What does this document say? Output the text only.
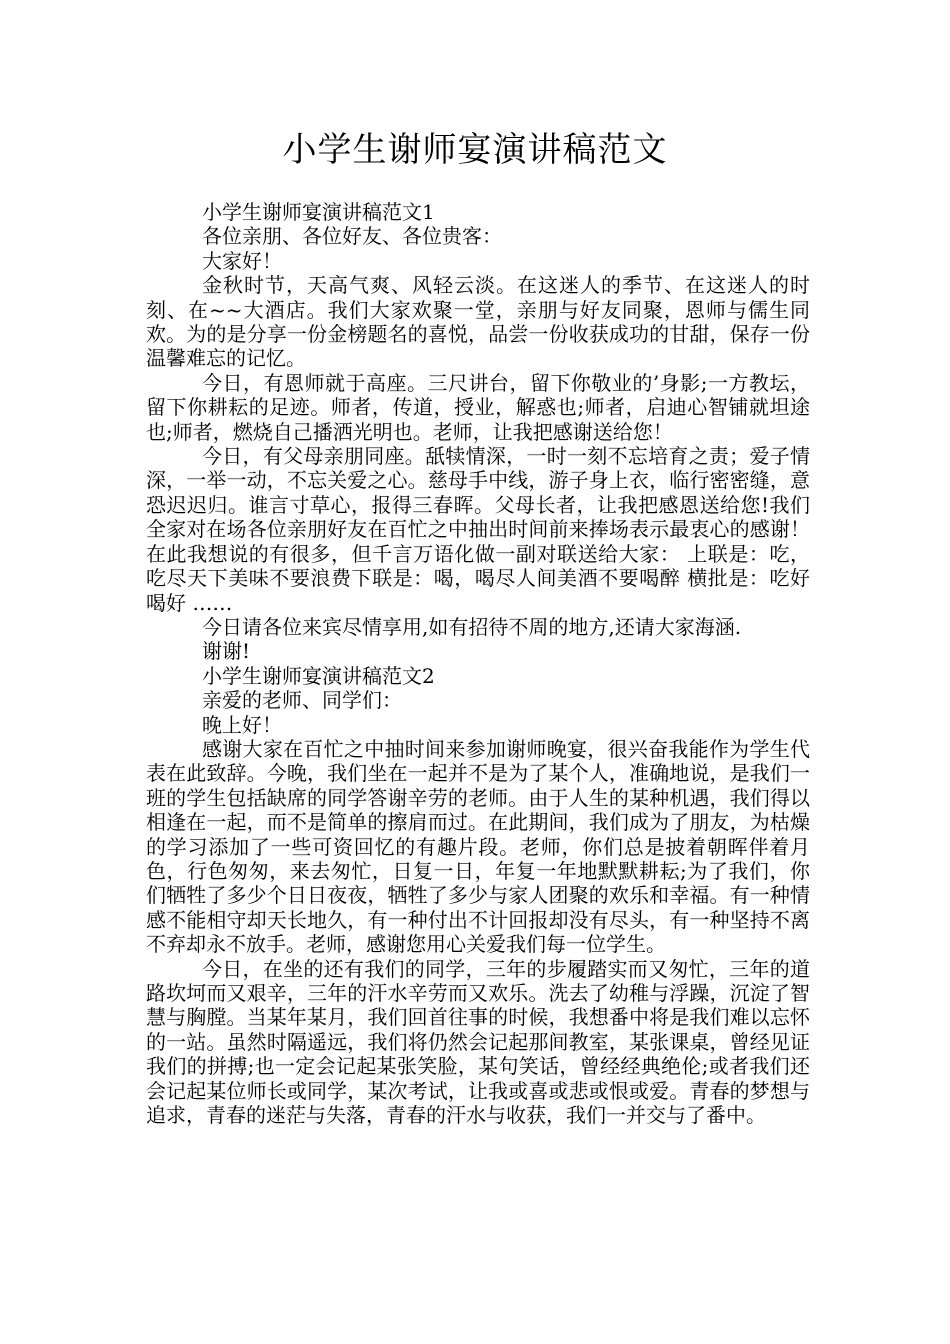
小学生谢师宴演讲稿范文

小学生谢师宴演讲稿范文1

各位亲朋、各位好友、各位贵客：

大家好！

金秋时节，天高气爽、风轻云淡。在这迷人的季节、在这迷人的时刻、在~~大酒店。我们大家欢聚一堂，亲朋与好友同聚，恩师与儒生同欢。为的是分享一份金榜题名的喜悦，品尝一份收获成功的甘甜，保存一份温馨难忘的记忆。

今日，有恩师就于高座。三尺讲台，留下你敬业的’身影;一方教坛，留下你耕耘的足迹。师者，传道，授业，解惑也;师者，启迪心智铺就坦途也;师者，燃烧自己播洒光明也。老师，让我把感谢送给您！

今日，有父母亲朋同座。舐犊情深，一时一刻不忘培育之责；爱子情深，一举一动，不忘关爱之心。慈母手中线，游子身上衣，临行密密缝，意恐迟迟归。谁言寸草心，报得三春晖。父母长者，让我把感恩送给您!我们全家对在场各位亲朋好友在百忙之中抽出时间前来捧场表示最衷心的感谢！在此我想说的有很多，但千言万语化做一副对联送给大家： 上联是：吃，吃尽天下美味不要浪费下联是：喝，喝尽人间美酒不要喝醉 横批是：吃好喝好 ……

今日请各位来宾尽情享用,如有招待不周的地方,还请大家海涵.

谢谢!

小学生谢师宴演讲稿范文2

亲爱的老师、同学们：

晚上好！

感谢大家在百忙之中抽时间来参加谢师晚宴，很兴奋我能作为学生代表在此致辞。今晚，我们坐在一起并不是为了某个人，准确地说，是我们一班的学生包括缺席的同学答谢辛劳的老师。由于人生的某种机遇，我们得以相逢在一起，而不是简单的擦肩而过。在此期间，我们成为了朋友，为枯燥的学习添加了一些可资回忆的有趣片段。老师，你们总是披着朝晖伴着月色，行色匆匆，来去匆忙，日复一日，年复一年地默默耕耘;为了我们，你们牺牲了多少个日日夜夜，牺牲了多少与家人团聚的欢乐和幸福。有一种情感不能相守却天长地久，有一种付出不计回报却没有尽头，有一种坚持不离不弃却永不放手。老师，感谢您用心关爱我们每一位学生。

今日，在坐的还有我们的同学，三年的步履踏实而又匆忙，三年的道路坎坷而又艰辛，三年的汗水辛劳而又欢乐。洗去了幼稚与浮躁，沉淀了智慧与胸膛。当某年某月，我们回首往事的时候，我想番中将是我们难以忘怀的一站。虽然时隔遥远，我们将仍然会记起那间教室，某张课桌，曾经见证我们的拼搏;也一定会记起某张笑脸，某句笑话，曾经经典绝伦;或者我们还会记起某位师长或同学，某次考试，让我或喜或悲或恨或爱。青春的梦想与追求，青春的迷茫与失落，青春的汗水与收获，我们一并交与了番中。
